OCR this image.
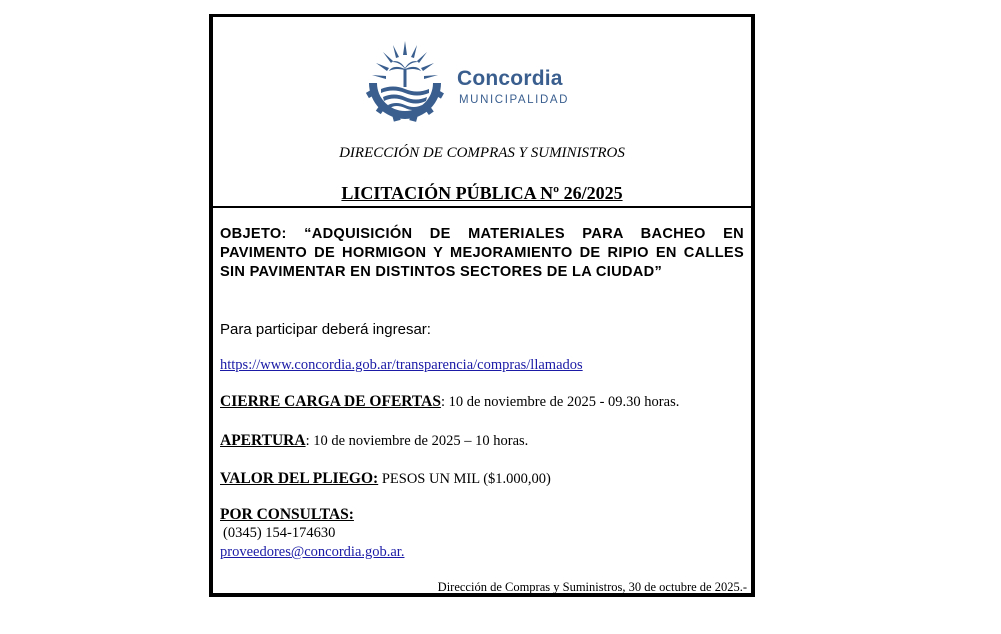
Concordia
MUNICIPALIDAD
DIRECCIÓN DE COMPRAS Y SUMINISTROS
LICITACIÓN PÚBLICA Nº 26/2025
OBJETO: “ADQUISICIÓN DE MATERIALES PARA BACHEO EN PAVIMENTO DE HORMIGON Y MEJORAMIENTO DE RIPIO EN CALLES SIN PAVIMENTAR EN DISTINTOS SECTORES DE LA CIUDAD”
Para participar deberá ingresar:
https://www.concordia.gob.ar/transparencia/compras/llamados
CIERRE CARGA DE OFERTAS: 10 de noviembre de 2025 - 09.30 horas.
APERTURA: 10 de noviembre de 2025 – 10 horas.
VALOR DEL PLIEGO: PESOS UN MIL ($1.000,00)
POR CONSULTAS:
(0345) 154-174630
proveedores@concordia.gob.ar.
Dirección de Compras y Suministros, 30 de octubre de 2025.-
